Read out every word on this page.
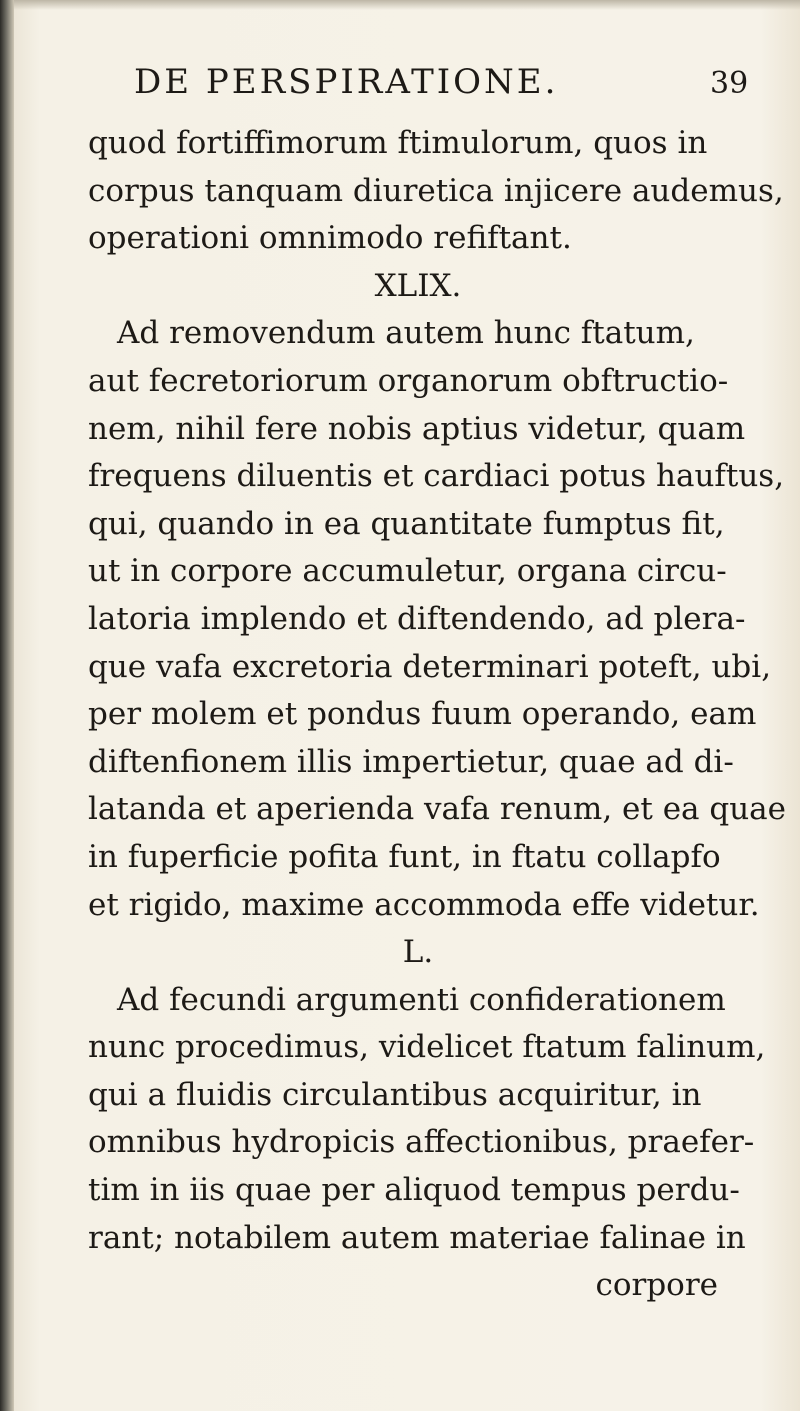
DE PERSPIRATIONE.	39
quod fortiffimorum ftimulorum, quos in
corpus tanquam diuretica injicere audemus,
operationi omnimodo refiftant.
XLIX.
Ad removendum autem hunc ftatum,
aut fecretoriorum organorum obftructio-
nem, nihil fere nobis aptius videtur, quam
frequens diluentis et cardiaci potus hauftus,
qui, quando in ea quantitate fumptus fit,
ut in corpore accumuletur, organa circu-
latoria implendo et diftendendo, ad plera-
que vafa excretoria determinari poteft, ubi,
per molem et pondus fuum operando, eam
diftenfionem illis impertietur, quae ad di-
latanda et aperienda vafa renum, et ea quae
in fuperficie pofita funt, in ftatu collapfo
et rigido, maxime accommoda effe videtur.
L.
Ad fecundi argumenti confiderationem
nunc procedimus, videlicet ftatum falinum,
qui a fluidis circulantibus acquiritur, in
omnibus hydropicis affectionibus, praefer-
tim in iis quae per aliquod tempus perdu-
rant; notabilem autem materiae falinae in
corpore
